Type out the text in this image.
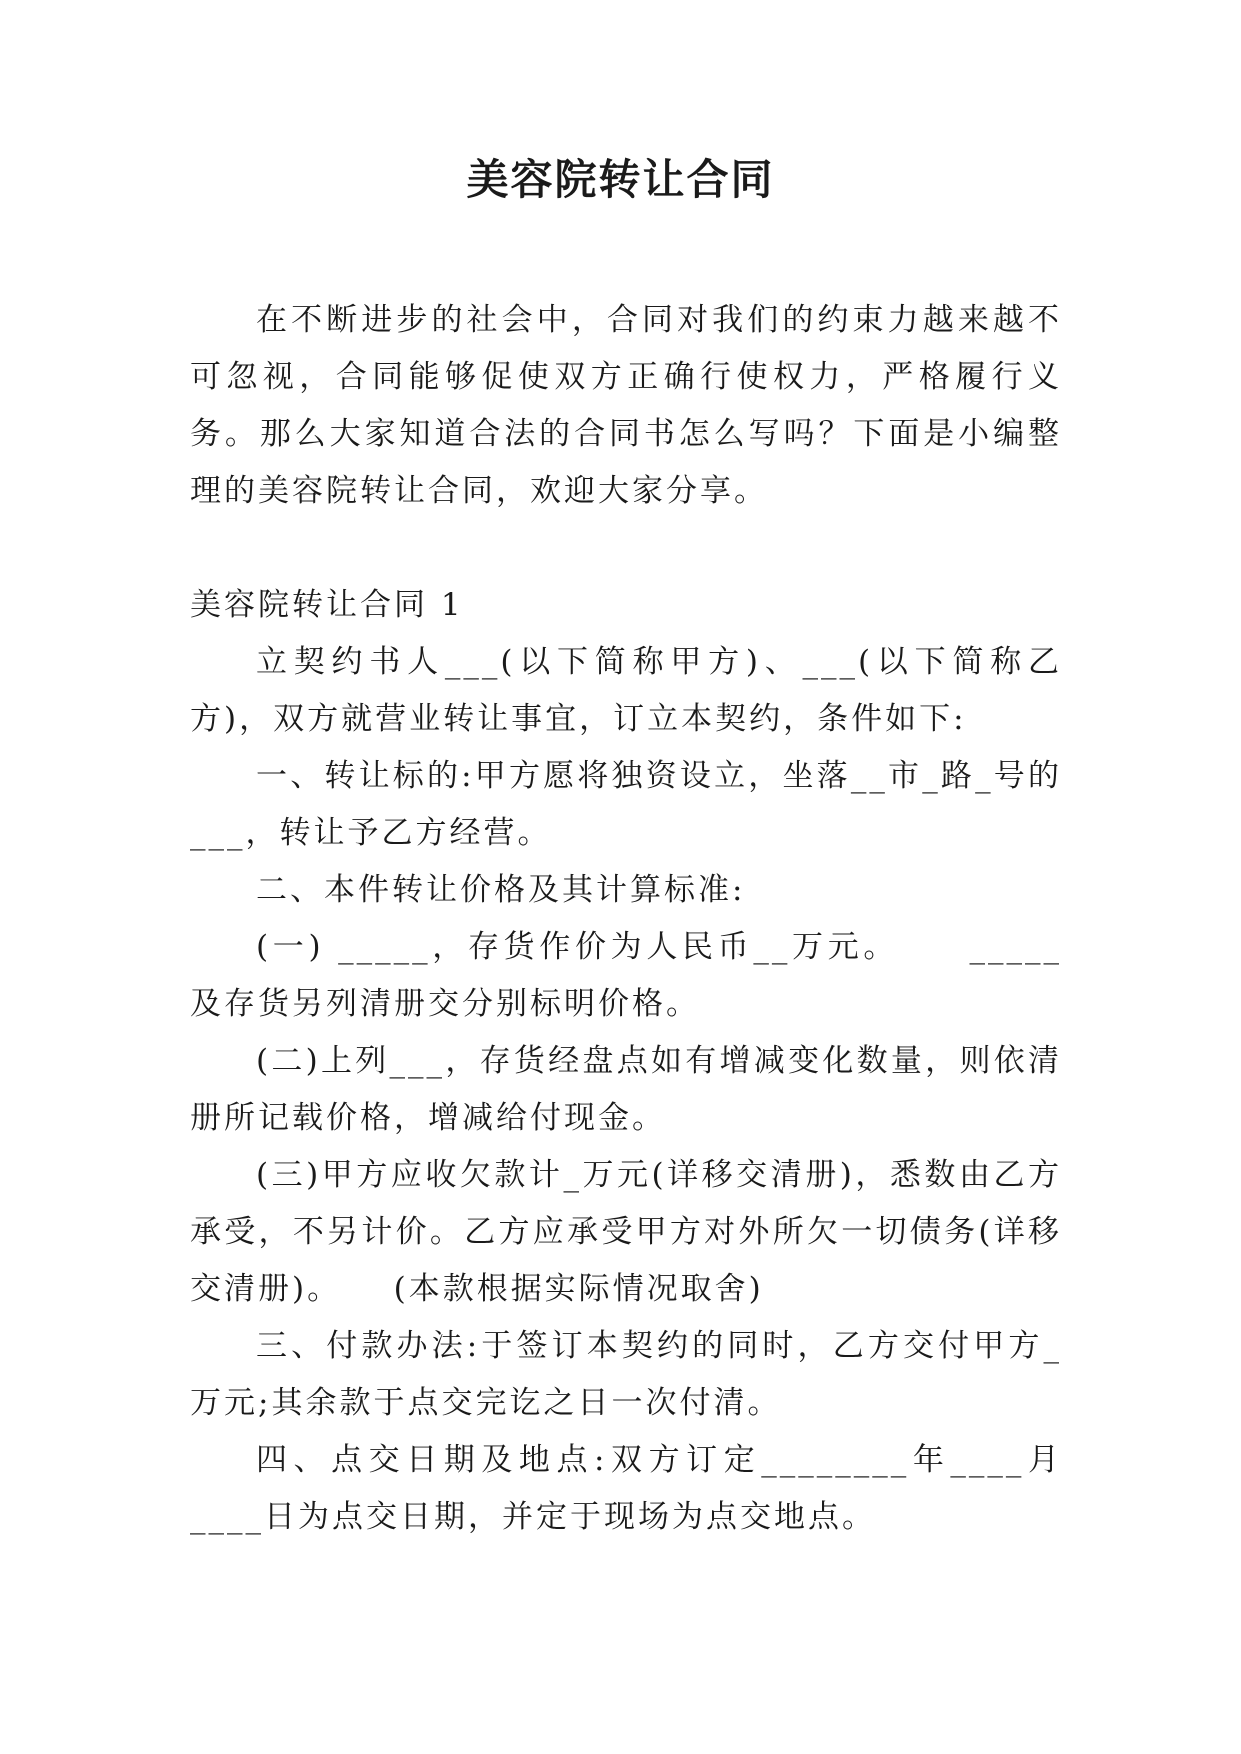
美容院转让合同

在不断进步的社会中，合同对我们的约束力越来越不可忽视，合同能够促使双方正确行使权力，严格履行义务。那么大家知道合法的合同书怎么写吗？下面是小编整理的美容院转让合同，欢迎大家分享。

美容院转让合同 1

立契约书人___(以下简称甲方)、___(以下简称乙方)，双方就营业转让事宜，订立本契约，条件如下:

一、转让标的:甲方愿将独资设立，坐落__市_路_号的___，转让予乙方经营。

二、本件转让价格及其计算标准:

(一) _____，存货作价为人民币__万元。　　 _____及存货另列清册交分别标明价格。

(二)上列___，存货经盘点如有增减变化数量，则依清册所记载价格，增减给付现金。

(三)甲方应收欠款计_万元(详移交清册)，悉数由乙方承受，不另计价。乙方应承受甲方对外所欠一切债务(详移交清册)。　　(本款根据实际情况取舍)

三、付款办法:于签订本契约的同时，乙方交付甲方_万元;其余款于点交完讫之日一次付清。

四、点交日期及地点:双方订定________年____月____日为点交日期，并定于现场为点交地点。
